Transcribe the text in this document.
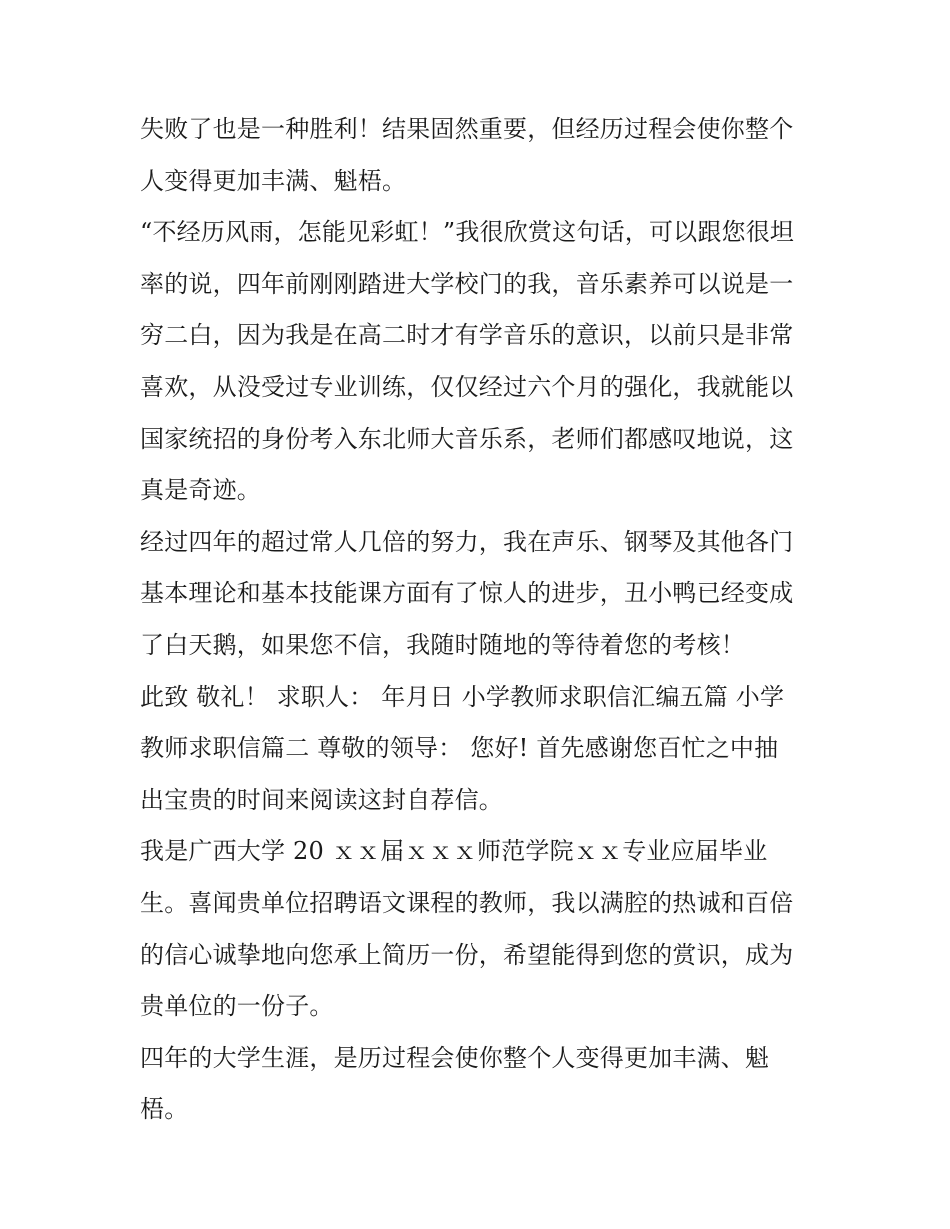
失败了也是一种胜利！结果固然重要，但经历过程会使你整个
人变得更加丰满、魁梧。
“不经历风雨，怎能见彩虹！”我很欣赏这句话，可以跟您很坦
率的说，四年前刚刚踏进大学校门的我，音乐素养可以说是一
穷二白，因为我是在高二时才有学音乐的意识，以前只是非常
喜欢，从没受过专业训练，仅仅经过六个月的强化，我就能以
国家统招的身份考入东北师大音乐系，老师们都感叹地说，这
真是奇迹。
经过四年的超过常人几倍的努力，我在声乐、钢琴及其他各门
基本理论和基本技能课方面有了惊人的进步，丑小鸭已经变成
了白天鹅，如果您不信，我随时随地的等待着您的考核！
此致 敬礼！ 求职人： 年月日 小学教师求职信汇编五篇 小学
教师求职信篇二 尊敬的领导： 您好! 首先感谢您百忙之中抽
出宝贵的时间来阅读这封自荐信。
我是广西大学 20 ｘｘ届ｘｘｘ师范学院ｘｘ专业应届毕业
生。喜闻贵单位招聘语文课程的教师，我以满腔的热诚和百倍
的信心诚挚地向您承上简历一份，希望能得到您的赏识，成为
贵单位的一份子。
四年的大学生涯，是历过程会使你整个人变得更加丰满、魁
梧。
